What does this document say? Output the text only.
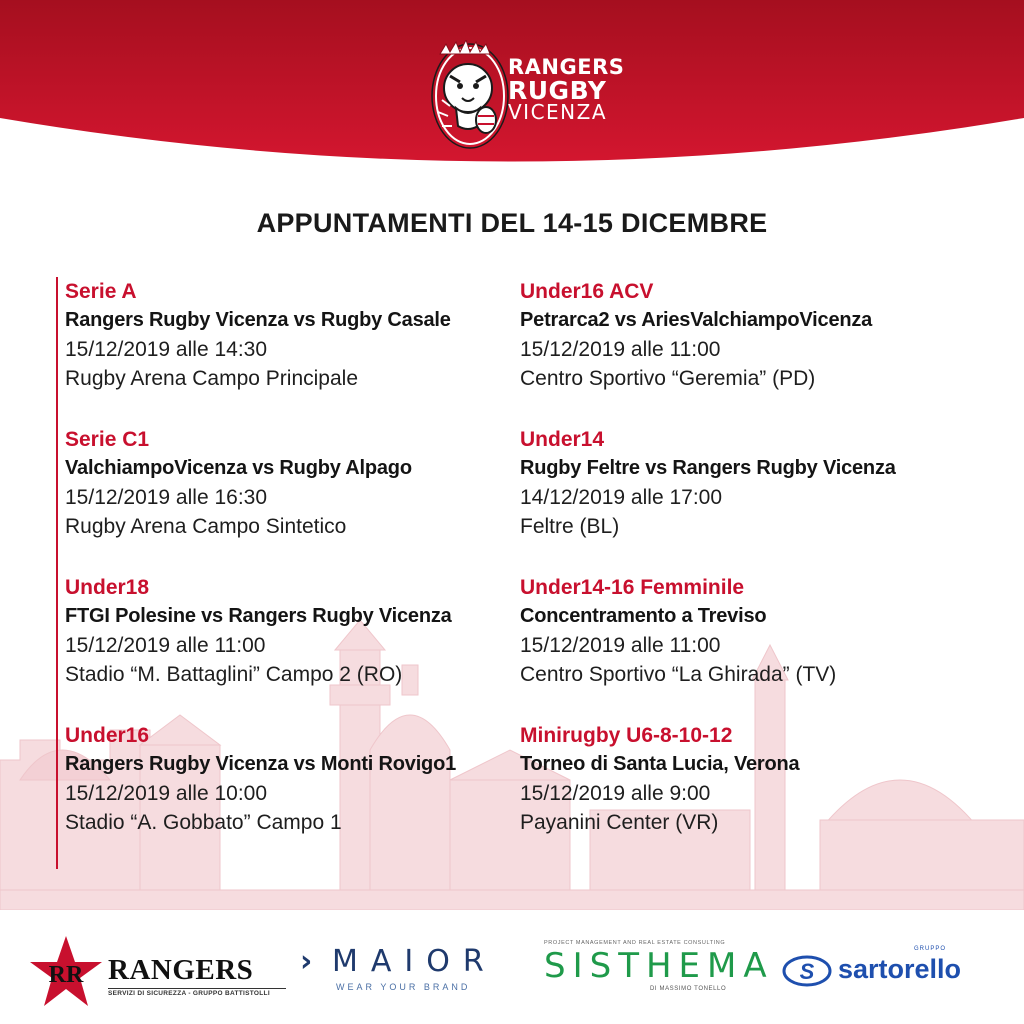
RANGERS
RUGBY
VICENZA
APPUNTAMENTI DEL 14-15 DICEMBRE
Serie A
Rangers Rugby Vicenza vs Rugby Casale
15/12/2019 alle 14:30
Rugby Arena Campo Principale
Serie C1
ValchiampoVicenza vs Rugby Alpago
15/12/2019 alle 16:30
Rugby Arena Campo Sintetico
Under18
FTGI Polesine vs Rangers Rugby Vicenza
15/12/2019 alle 11:00
Stadio “M. Battaglini” Campo 2 (RO)
Under16
Rangers Rugby Vicenza vs Monti Rovigo1
15/12/2019 alle 10:00
Stadio “A. Gobbato” Campo 1
Under16 ACV
Petrarca2 vs AriesValchiampoVicenza
15/12/2019 alle 11:00
Centro Sportivo “Geremia” (PD)
Under14
Rugby Feltre vs Rangers Rugby Vicenza
14/12/2019 alle 17:00
Feltre (BL)
Under14-16 Femminile
Concentramento a Treviso
15/12/2019 alle 11:00
Centro Sportivo “La Ghirada” (TV)
Minirugby U6-8-10-12
Torneo di Santa Lucia, Verona
15/12/2019 alle 9:00
Payanini Center (VR)
RR RANGERS
SERVIZI DI SICUREZZA - GRUPPO BATTISTOLLI
› MAIOR
WEAR YOUR BRAND
PROJECT MANAGEMENT AND REAL ESTATE CONSULTING
SISTHEMA
DI MASSIMO TONELLO
S
GRUPPO
sartorello
